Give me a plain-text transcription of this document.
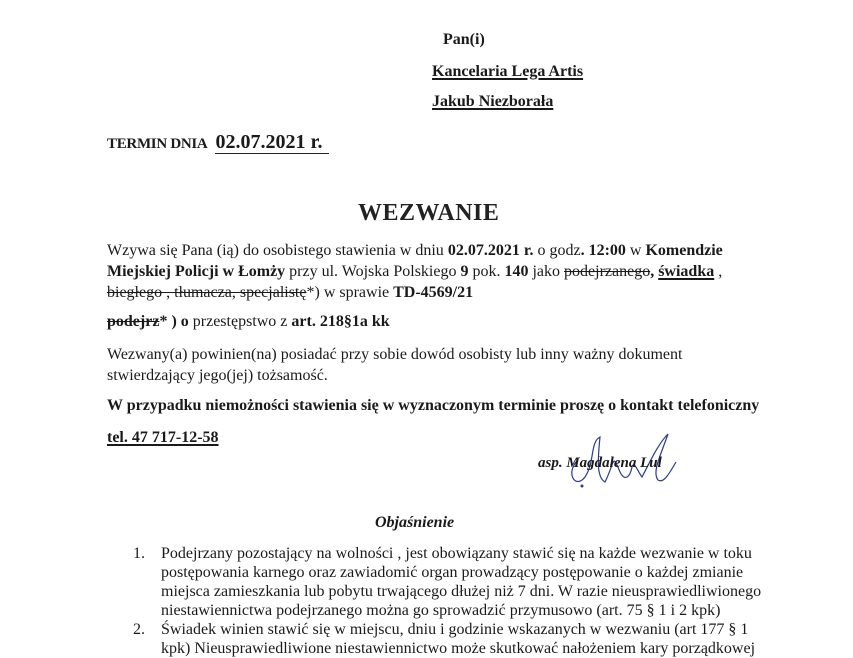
Pan(i)
Kancelaria Lega Artis
Jakub Niezborała
TERMIN DNIA 02.07.2021 r.
WEZWANIE
Wzywa się Pana (ią) do osobistego stawienia w dniu 02.07.2021 r. o godz. 12:00 w Komendzie
Miejskiej Policji w Łomży przy ul. Wojska Polskiego 9 pok. 140 jako podejrzanego, świadka ,
biegłego , tłumacza, specjalistę*) w sprawie TD-4569/21
podejrz* ) o przestępstwo z art. 218§1a kk
Wezwany(a) powinien(na) posiadać przy sobie dowód osobisty lub inny ważny dokument
stwierdzający jego(jej) tożsamość.
W przypadku niemożności stawienia się w wyznaczonym terminie proszę o kontakt telefoniczny
tel. 47 717-12-58
asp. Magdalena Lul
Objaśnienie
1. Podejrzany pozostający na wolności , jest obowiązany stawić się na każde wezwanie w toku
postępowania karnego oraz zawiadomić organ prowadzący postępowanie o każdej zmianie
miejsca zamieszkania lub pobytu trwającego dłużej niż 7 dni. W razie nieusprawiedliwionego
niestawiennictwa podejrzanego można go sprowadzić przymusowo (art. 75 § 1 i 2 kpk)
2. Świadek winien stawić się w miejscu, dniu i godzinie wskazanych w wezwaniu (art 177 § 1
kpk) Nieusprawiedliwione niestawiennictwo może skutkować nałożeniem kary porządkowej
